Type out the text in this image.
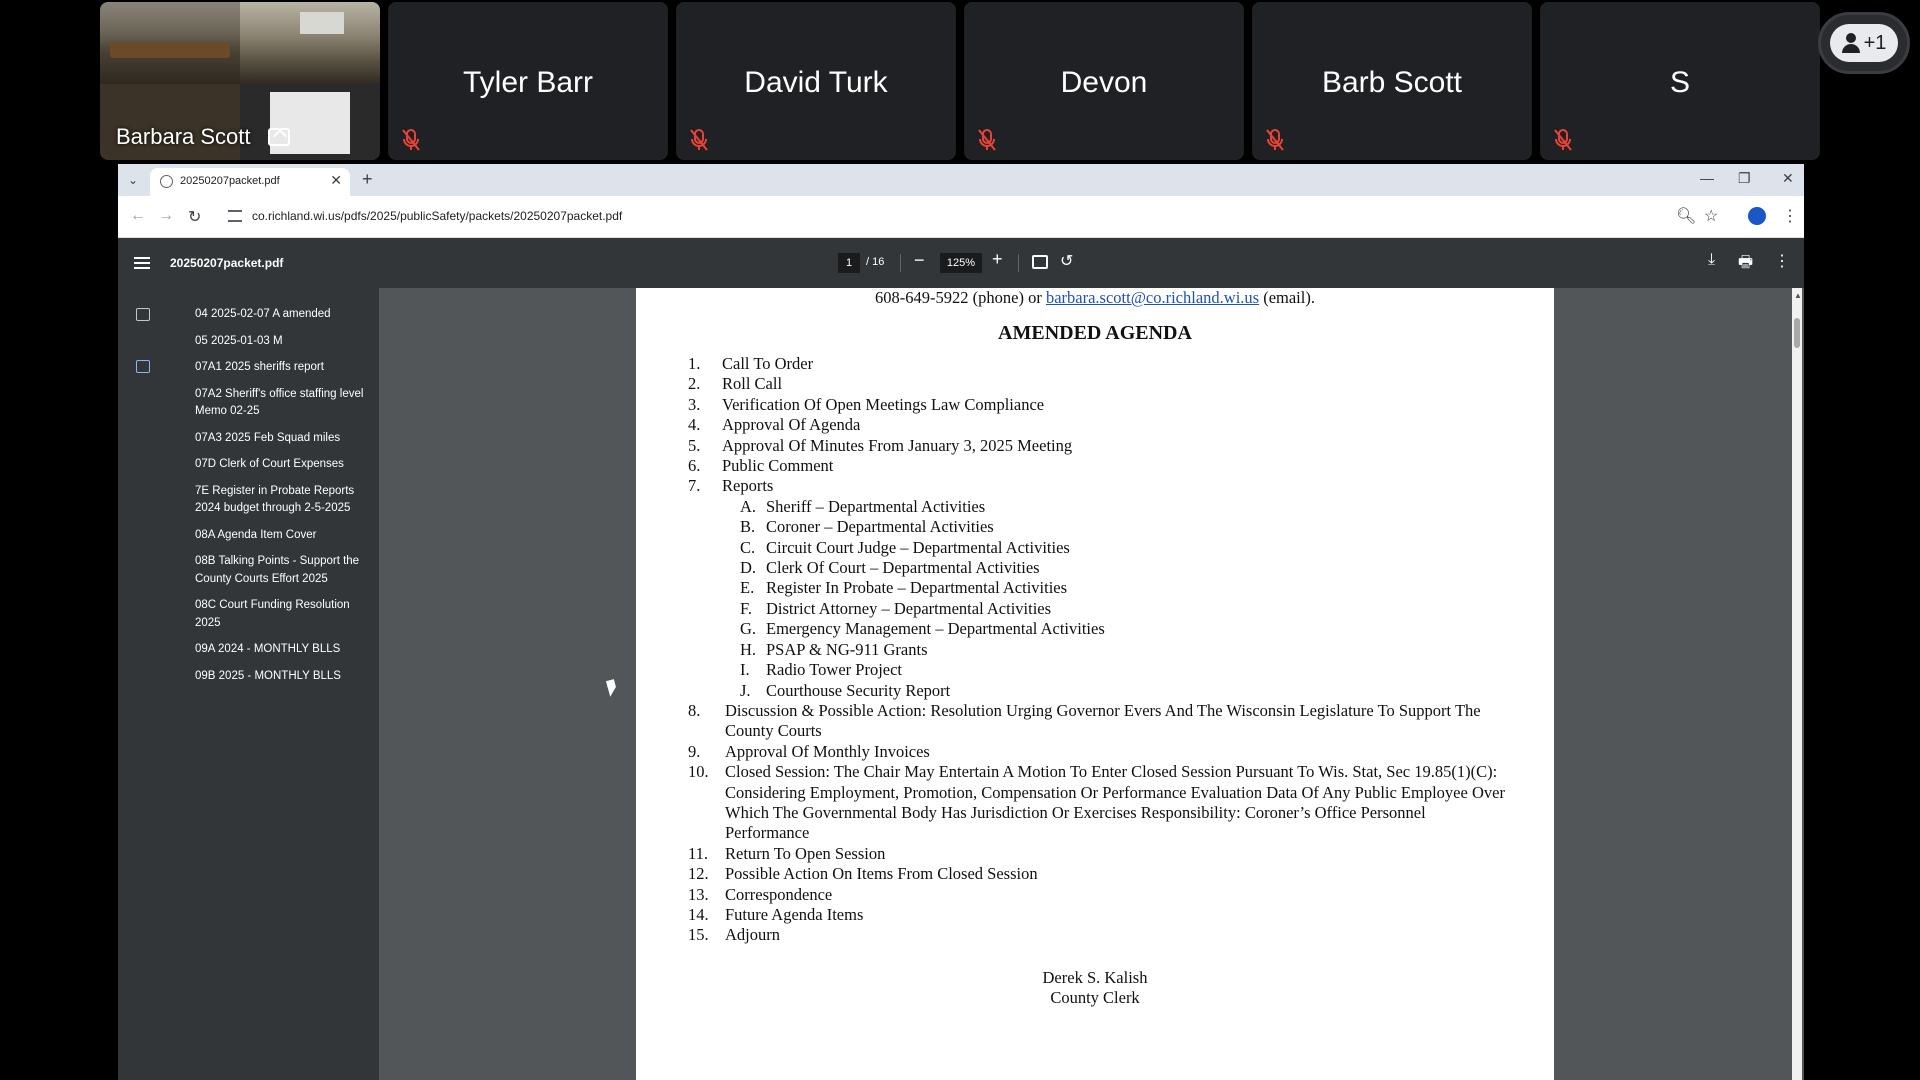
Barbara Scott
Tyler Barr	David Turk	Devon	Barb Scott	S
+1
⌄	20250207packet.pdf	✕ +	— ❐ ✕
← → ↻	co.richland.wi.us/pdfs/2025/publicSafety/packets/20250207packet.pdf	🔍︎ ☆	⋮
20250207packet.pdf	1	/ 16 −	125% +	↺	⤓ 🖶 ⋮
04 2025-02-07 A amended
05 2025-01-03 M
07A1 2025 sheriffs report
07A2 Sheriff's office staffing level Memo 02-25
07A3 2025 Feb Squad miles
07D Clerk of Court Expenses
7E Register in Probate Reports 2024 budget through 2-5-2025
08A Agenda Item Cover
08B Talking Points - Support the County Courts Effort 2025
08C Court Funding Resolution 2025
09A 2024 - MONTHLY BLLS
09B 2025 - MONTHLY BLLS
608-649-5922 (phone) or barbara.scott@co.richland.wi.us (email).
AMENDED AGENDA
1.	Call To Order
2.	Roll Call
3.	Verification Of Open Meetings Law Compliance
4.	Approval Of Agenda
5.	Approval Of Minutes From January 3, 2025 Meeting
6.	Public Comment
7.	Reports
A. Sheriff – Departmental Activities
B. Coroner – Departmental Activities
C. Circuit Court Judge – Departmental Activities
D. Clerk Of Court – Departmental Activities
E. Register In Probate – Departmental Activities
F. District Attorney – Departmental Activities
G. Emergency Management – Departmental Activities
H. PSAP & NG-911 Grants
I. Radio Tower Project
J. Courthouse Security Report
8.	Discussion & Possible Action: Resolution Urging Governor Evers And The Wisconsin Legislature To Support The County Courts
9.	Approval Of Monthly Invoices
10. Closed Session: The Chair May Entertain A Motion To Enter Closed Session Pursuant To Wis. Stat, Sec 19.85(1)(C): Considering Employment, Promotion, Compensation Or Performance Evaluation Data Of Any Public Employee Over Which The Governmental Body Has Jurisdiction Or Exercises Responsibility: Coroner’s Office Personnel Performance
11.	Return To Open Session
12. Possible Action On Items From Closed Session
13. Correspondence
14. Future Agenda Items
15. Adjourn
Derek S. Kalish
County Clerk
▲
